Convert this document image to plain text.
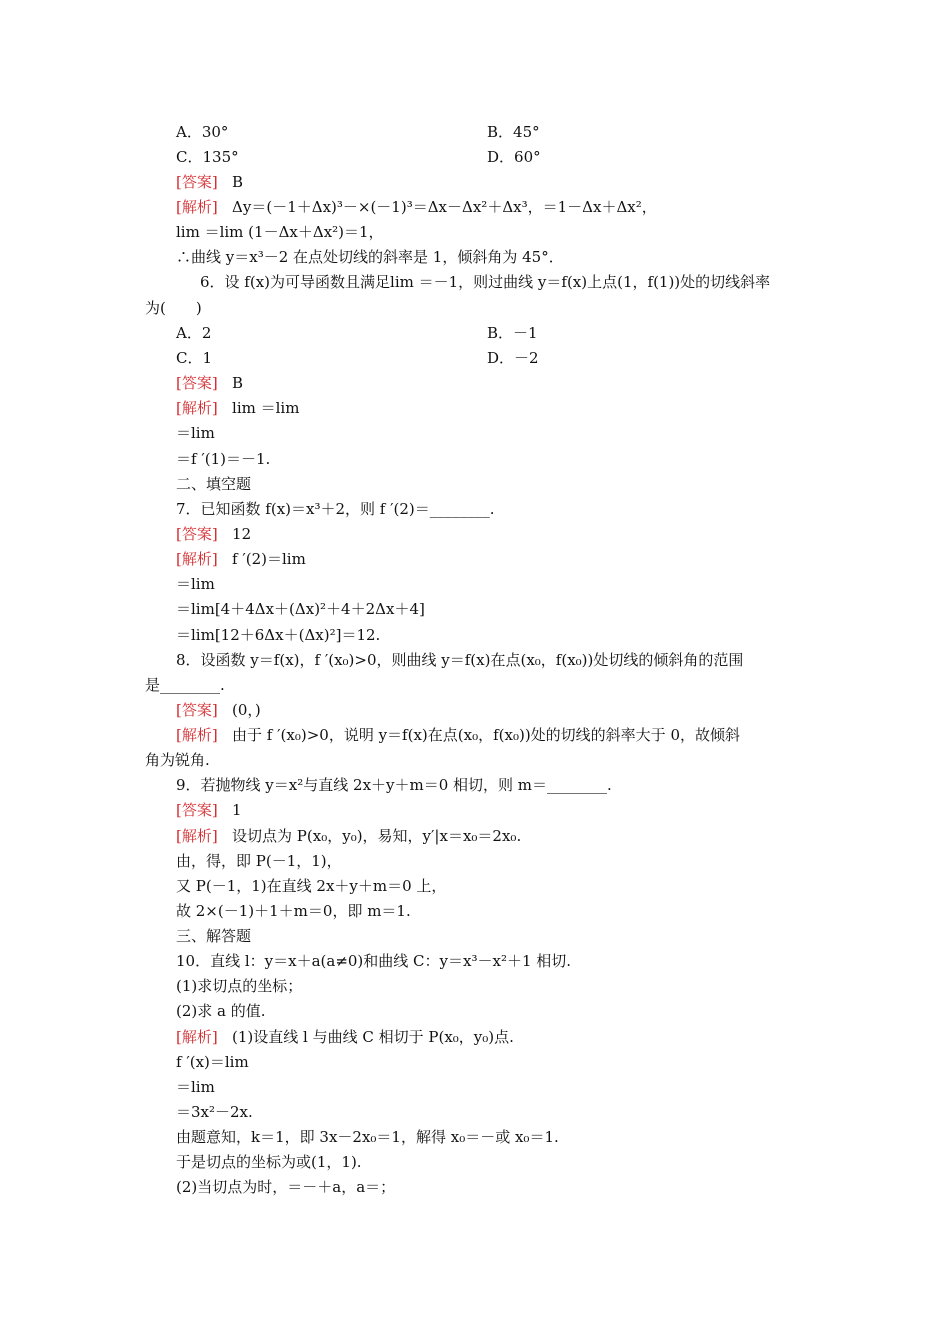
A．30°	B．45°
C．135°	D．60°
[答案] B
[解析] Δy＝(－1＋Δx)³－×(－1)³＝Δx－Δx²＋Δx³，＝1－Δx＋Δx²，
lim ＝lim (1－Δx＋Δx²)＝1，
∴曲线 y＝x³－2 在点处切线的斜率是 1，倾斜角为 45°．
6．设 f(x)为可导函数且满足lim ＝－1，则过曲线 y＝f(x)上点(1，f(1))处的切线斜率
为(　　)
A．2	B．－1
C．1	D．－2
[答案] B
[解析] lim ＝lim
＝lim
＝f ′(1)＝－1.
二、填空题
7．已知函数 f(x)＝x³＋2，则 f ′(2)＝________.
[答案] 12
[解析] f ′(2)＝lim
＝lim
＝lim[4＋4Δx＋(Δx)²＋4＋2Δx＋4]
＝lim[12＋6Δx＋(Δx)²]＝12.
8．设函数 y＝f(x)，f ′(x₀)>0，则曲线 y＝f(x)在点(x₀，f(x₀))处切线的倾斜角的范围
是________.
[答案] (0，)
[解析] 由于 f ′(x₀)>0，说明 y＝f(x)在点(x₀，f(x₀))处的切线的斜率大于 0，故倾斜
角为锐角.
9．若抛物线 y＝x²与直线 2x＋y＋m＝0 相切，则 m＝________.
[答案] 1
[解析] 设切点为 P(x₀，y₀)，易知，y′|x＝x₀＝2x₀.
由，得，即 P(－1，1)，
又 P(－1，1)在直线 2x＋y＋m＝0 上，
故 2×(－1)＋1＋m＝0，即 m＝1.
三、解答题
10．直线 l：y＝x＋a(a≠0)和曲线 C：y＝x³－x²＋1 相切.
(1)求切点的坐标；
(2)求 a 的值.
[解析] (1)设直线 l 与曲线 C 相切于 P(x₀，y₀)点.
f ′(x)＝lim
＝lim
＝3x²－2x.
由题意知，k＝1，即 3x－2x₀＝1，解得 x₀＝－或 x₀＝1.
于是切点的坐标为或(1，1).
(2)当切点为时，＝－＋a，a＝；
